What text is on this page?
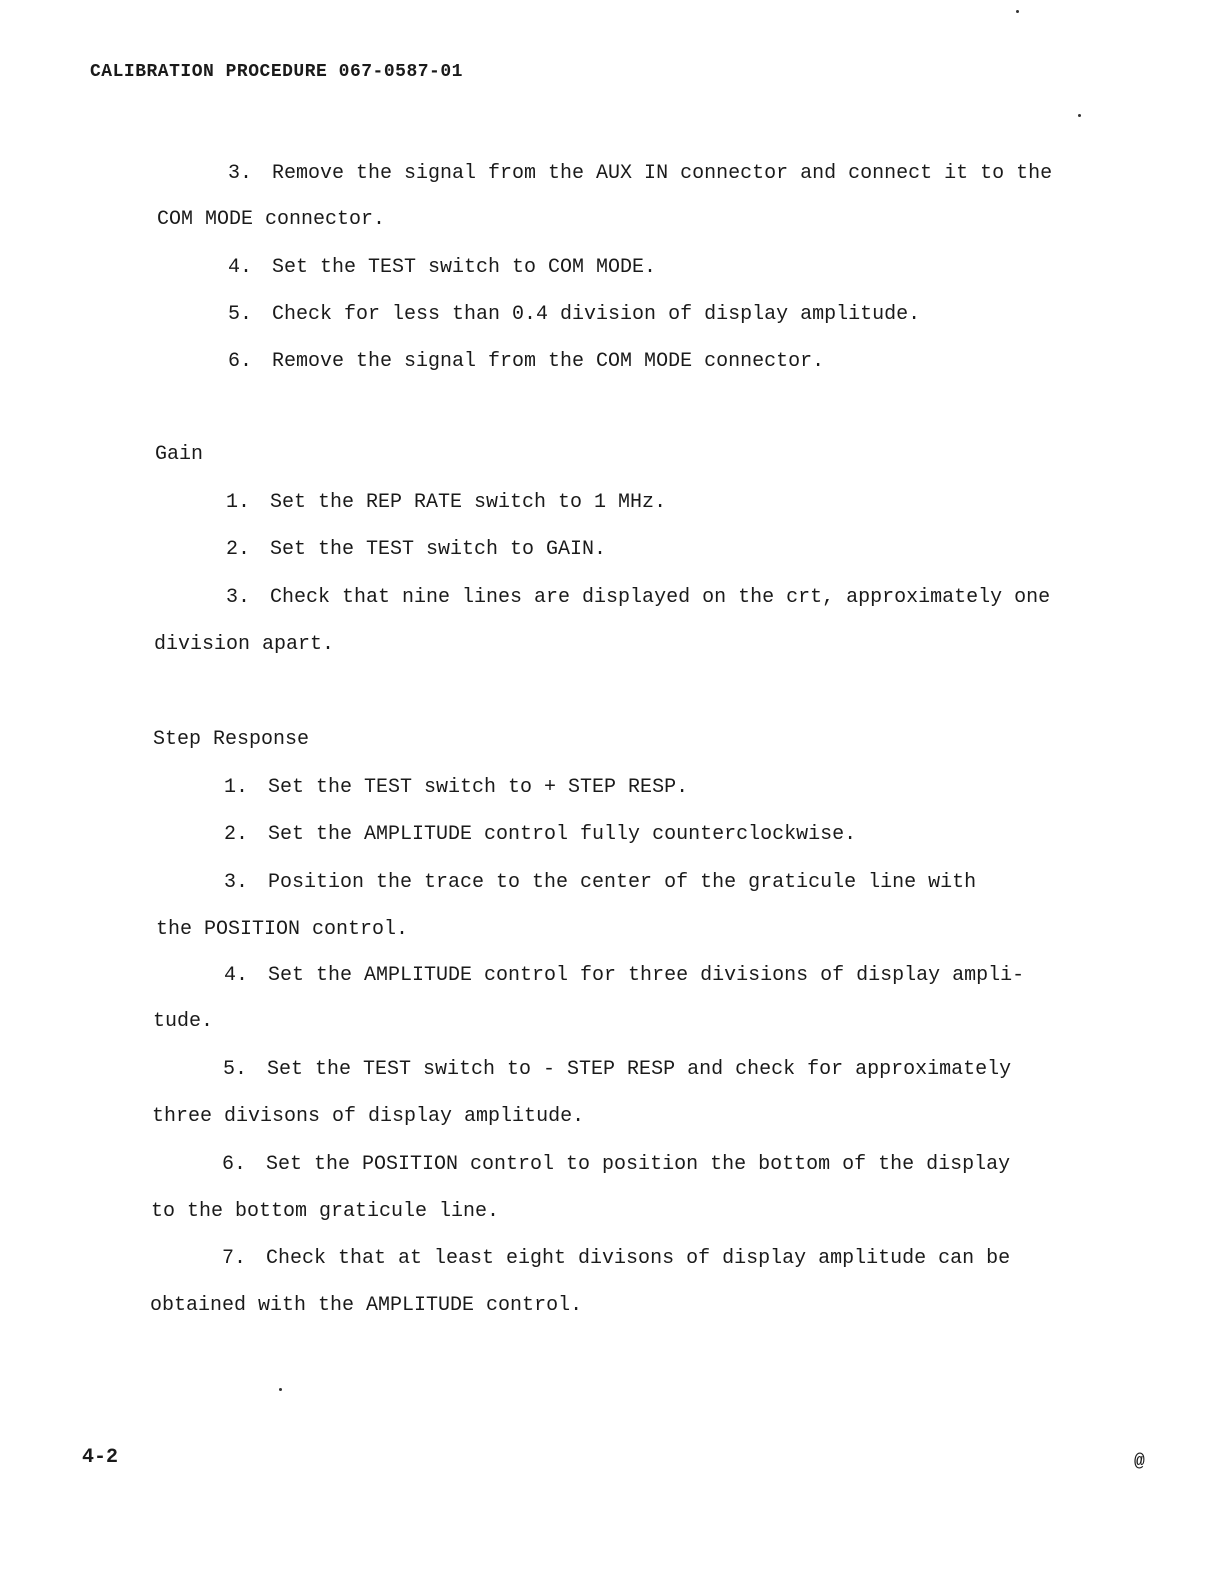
CALIBRATION PROCEDURE 067-0587-01
3. Remove the signal from the AUX IN connector and connect it to the
COM MODE connector.
4. Set the TEST switch to COM MODE.
5. Check for less than 0.4 division of display amplitude.
6. Remove the signal from the COM MODE connector.
Gain
1. Set the REP RATE switch to 1 MHz.
2. Set the TEST switch to GAIN.
3. Check that nine lines are displayed on the crt, approximately one
division apart.
Step Response
1. Set the TEST switch to + STEP RESP.
2. Set the AMPLITUDE control fully counterclockwise.
3. Position the trace to the center of the graticule line with
the POSITION control.
4. Set the AMPLITUDE control for three divisions of display ampli-
tude.
5. Set the TEST switch to - STEP RESP and check for approximately
three divisons of display amplitude.
6. Set the POSITION control to position the bottom of the display
to the bottom graticule line.
7. Check that at least eight divisons of display amplitude can be
obtained with the AMPLITUDE control.
4-2	@
